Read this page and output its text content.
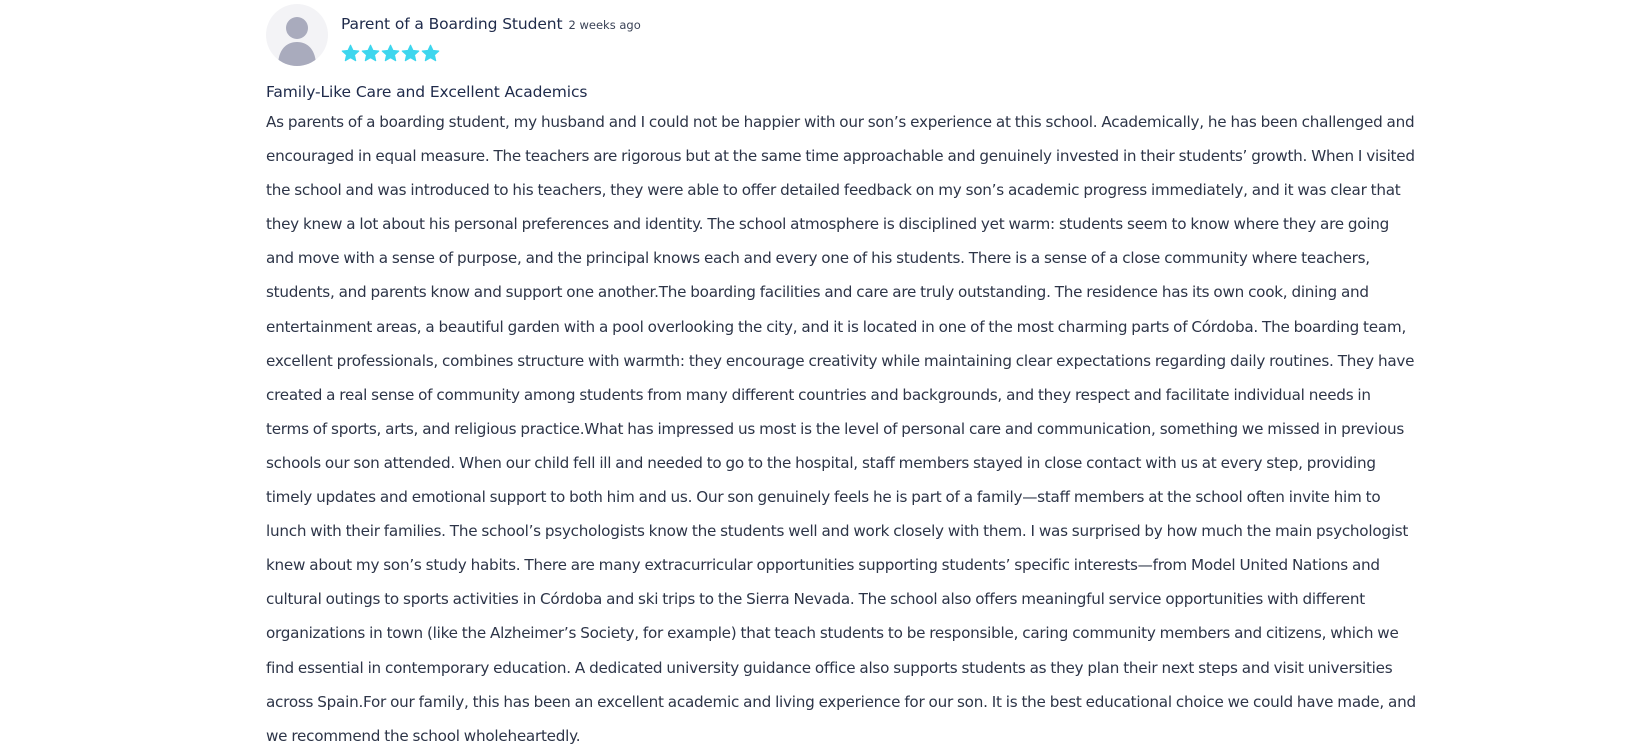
Parent of a Boarding Student 2 weeks ago
Family-Like Care and Excellent Academics
As parents of a boarding student, my husband and I could not be happier with our son’s experience at this school. Academically, he has been challenged and encouraged in equal measure. The teachers are rigorous but at the same time approachable and genuinely invested in their students’ growth. When I visited the school and was introduced to his teachers, they were able to offer detailed feedback on my son’s academic progress immediately, and it was clear that they knew a lot about his personal preferences and identity. The school atmosphere is disciplined yet warm: students seem to know where they are going and move with a sense of purpose, and the principal knows each and every one of his students. There is a sense of a close community where teachers, students, and parents know and support one another.The boarding facilities and care are truly outstanding. The residence has its own cook, dining and entertainment areas, a beautiful garden with a pool overlooking the city, and it is located in one of the most charming parts of Córdoba. The boarding team, excellent professionals, combines structure with warmth: they encourage creativity while maintaining clear expectations regarding daily routines. They have created a real sense of community among students from many different countries and backgrounds, and they respect and facilitate individual needs in terms of sports, arts, and religious practice.What has impressed us most is the level of personal care and communication, something we missed in previous schools our son attended. When our child fell ill and needed to go to the hospital, staff members stayed in close contact with us at every step, providing timely updates and emotional support to both him and us. Our son genuinely feels he is part of a family—staff members at the school often invite him to lunch with their families. The school’s psychologists know the students well and work closely with them. I was surprised by how much the main psychologist knew about my son’s study habits. There are many extracurricular opportunities supporting students’ specific interests—from Model United Nations and cultural outings to sports activities in Córdoba and ski trips to the Sierra Nevada. The school also offers meaningful service opportunities with different organizations in town (like the Alzheimer’s Society, for example) that teach students to be responsible, caring community members and citizens, which we find essential in contemporary education. A dedicated university guidance office also supports students as they plan their next steps and visit universities across Spain.For our family, this has been an excellent academic and living experience for our son. It is the best educational choice we could have made, and we recommend the school wholeheartedly.
